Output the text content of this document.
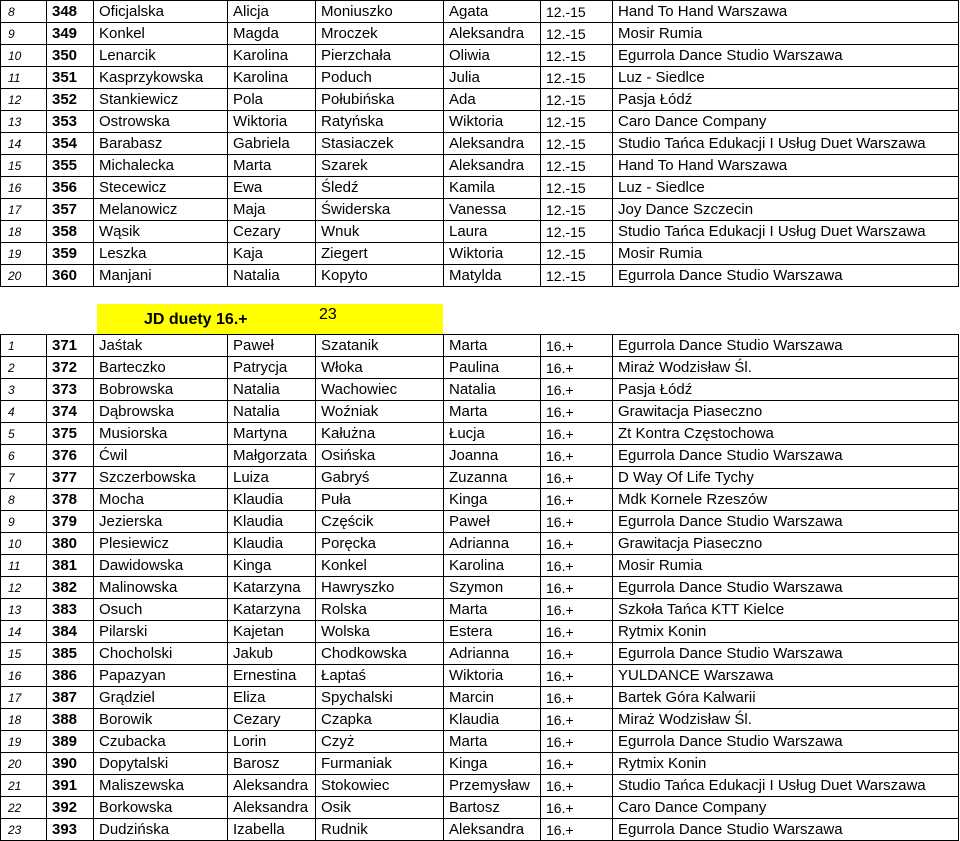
8	348	Oficjalska	Alicja	Moniuszko	Agata	12.-15	Hand To Hand Warszawa
9	349	Konkel	Magda	Mroczek	Aleksandra	12.-15	Mosir Rumia
10	350	Lenarcik	Karolina	Pierzchała	Oliwia	12.-15	Egurrola Dance Studio Warszawa
11	351	Kasprzykowska	Karolina	Poduch	Julia	12.-15	Luz - Siedlce
12	352	Stankiewicz	Pola	Połubińska	Ada	12.-15	Pasja Łódź
13	353	Ostrowska	Wiktoria	Ratyńska	Wiktoria	12.-15	Caro Dance Company
14	354	Barabasz	Gabriela	Stasiaczek	Aleksandra	12.-15	Studio Tańca Edukacji I Usług Duet Warszawa
15	355	Michalecka	Marta	Szarek	Aleksandra	12.-15	Hand To Hand Warszawa
16	356	Stecewicz	Ewa	Śledź	Kamila	12.-15	Luz - Siedlce
17	357	Melanowicz	Maja	Świderska	Vanessa	12.-15	Joy Dance Szczecin
18	358	Wąsik	Cezary	Wnuk	Laura	12.-15	Studio Tańca Edukacji I Usług Duet Warszawa
19	359	Leszka	Kaja	Ziegert	Wiktoria	12.-15	Mosir Rumia
20	360	Manjani	Natalia	Kopyto	Matylda	12.-15	Egurrola Dance Studio Warszawa
JD duety 16.+	23
1	371	Jaśtak	Paweł	Szatanik	Marta	16.+	Egurrola Dance Studio Warszawa
2	372	Barteczko	Patrycja	Włoka	Paulina	16.+	Miraż Wodzisław Śl.
3	373	Bobrowska	Natalia	Wachowiec	Natalia	16.+	Pasja Łódź
4	374	Dąbrowska	Natalia	Woźniak	Marta	16.+	Grawitacja Piaseczno
5	375	Musiorska	Martyna	Kałużna	Łucja	16.+	Zt Kontra Częstochowa
6	376	Ćwil	Małgorzata	Osińska	Joanna	16.+	Egurrola Dance Studio Warszawa
7	377	Szczerbowska	Luiza	Gabryś	Zuzanna	16.+	D Way Of Life Tychy
8	378	Mocha	Klaudia	Puła	Kinga	16.+	Mdk Kornele Rzeszów
9	379	Jezierska	Klaudia	Częścik	Paweł	16.+	Egurrola Dance Studio Warszawa
10	380	Plesiewicz	Klaudia	Poręcka	Adrianna	16.+	Grawitacja Piaseczno
11	381	Dawidowska	Kinga	Konkel	Karolina	16.+	Mosir Rumia
12	382	Malinowska	Katarzyna	Hawryszko	Szymon	16.+	Egurrola Dance Studio Warszawa
13	383	Osuch	Katarzyna	Rolska	Marta	16.+	Szkoła Tańca KTT Kielce
14	384	Pilarski	Kajetan	Wolska	Estera	16.+	Rytmix Konin
15	385	Chocholski	Jakub	Chodkowska	Adrianna	16.+	Egurrola Dance Studio Warszawa
16	386	Papazyan	Ernestina	Łaptaś	Wiktoria	16.+	YULDANCE Warszawa
17	387	Grądziel	Eliza	Spychalski	Marcin	16.+	Bartek Góra Kalwarii
18	388	Borowik	Cezary	Czapka	Klaudia	16.+	Miraż Wodzisław Śl.
19	389	Czubacka	Lorin	Czyż	Marta	16.+	Egurrola Dance Studio Warszawa
20	390	Dopytalski	Barosz	Furmaniak	Kinga	16.+	Rytmix Konin
21	391	Maliszewska	Aleksandra	Stokowiec	Przemysław	16.+	Studio Tańca Edukacji I Usług Duet Warszawa
22	392	Borkowska	Aleksandra	Osik	Bartosz	16.+	Caro Dance Company
23	393	Dudzińska	Izabella	Rudnik	Aleksandra	16.+	Egurrola Dance Studio Warszawa
